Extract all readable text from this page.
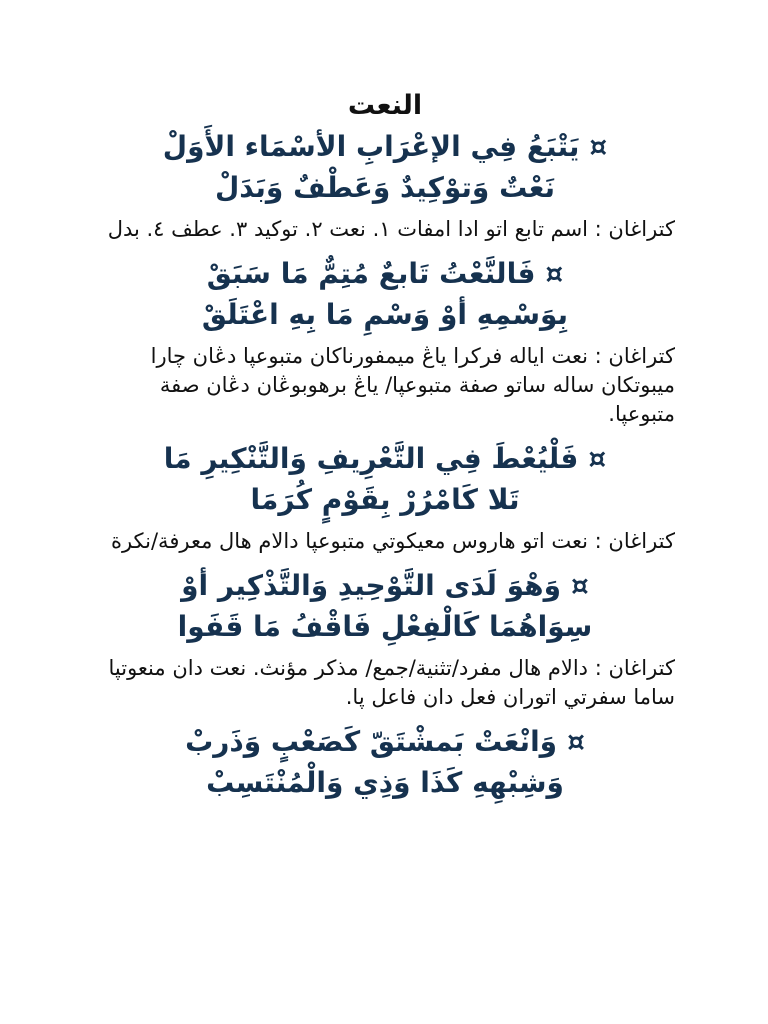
النعت
¤يَتْبَعُ فِي الإعْرَابِ الأسْمَاء الأَوَلْ
نَعْتٌ وَتوْكِيدٌ وَعَطْفٌ وَبَدَلْ
كتراغان : اسم تابع اتو ادا امفات ١. نعت ٢. توكيد ٣. عطف ٤. بدل
¤فَالنَّعْتُ تَابعٌ مُتِمٌّ مَا سَبَقْ
بِوَسْمِهِ أوْ وَسْمِ مَا بِهِ اعْتَلَقْ
كتراغان : نعت اياله فركرا ياڠ ميمفورناكان متبوعڽا دڠان چارا ميبوتكان ساله ساتو صفة متبوعڽا/ ياڠ برهوبوڠان دڠان صفة متبوعڽا.
¤فَلْيُعْطَ فِي التَّعْرِيفِ وَالتَّنْكِيرِ مَا
تَلا كَامْرُرْ بِقَوْمٍ كُرَمَا
كتراغان : نعت اتو هاروس معيكوتي متبوعڽا دالام هال معرفة/نكرة
¤وَهْوَ لَدَى التَّوْحِيدِ وَالتَّذْكِير أوْ
سِوَاهُمَا كَالْفِعْلِ فَاقْفُ مَا قَفَوا
كتراغان : دالام هال مفرد/تثنية/جمع/ مذكر مؤنث. نعت دان منعوتڽا ساما سفرتي اتوران فعل دان فاعل ڽا.
¤وَانْعَتْ بَمشْتَقّ كَصَعْبٍ وَذَربْ
وَشِبْهِهِ كَذَا وَذِي وَالْمُنْتَسِبْ
